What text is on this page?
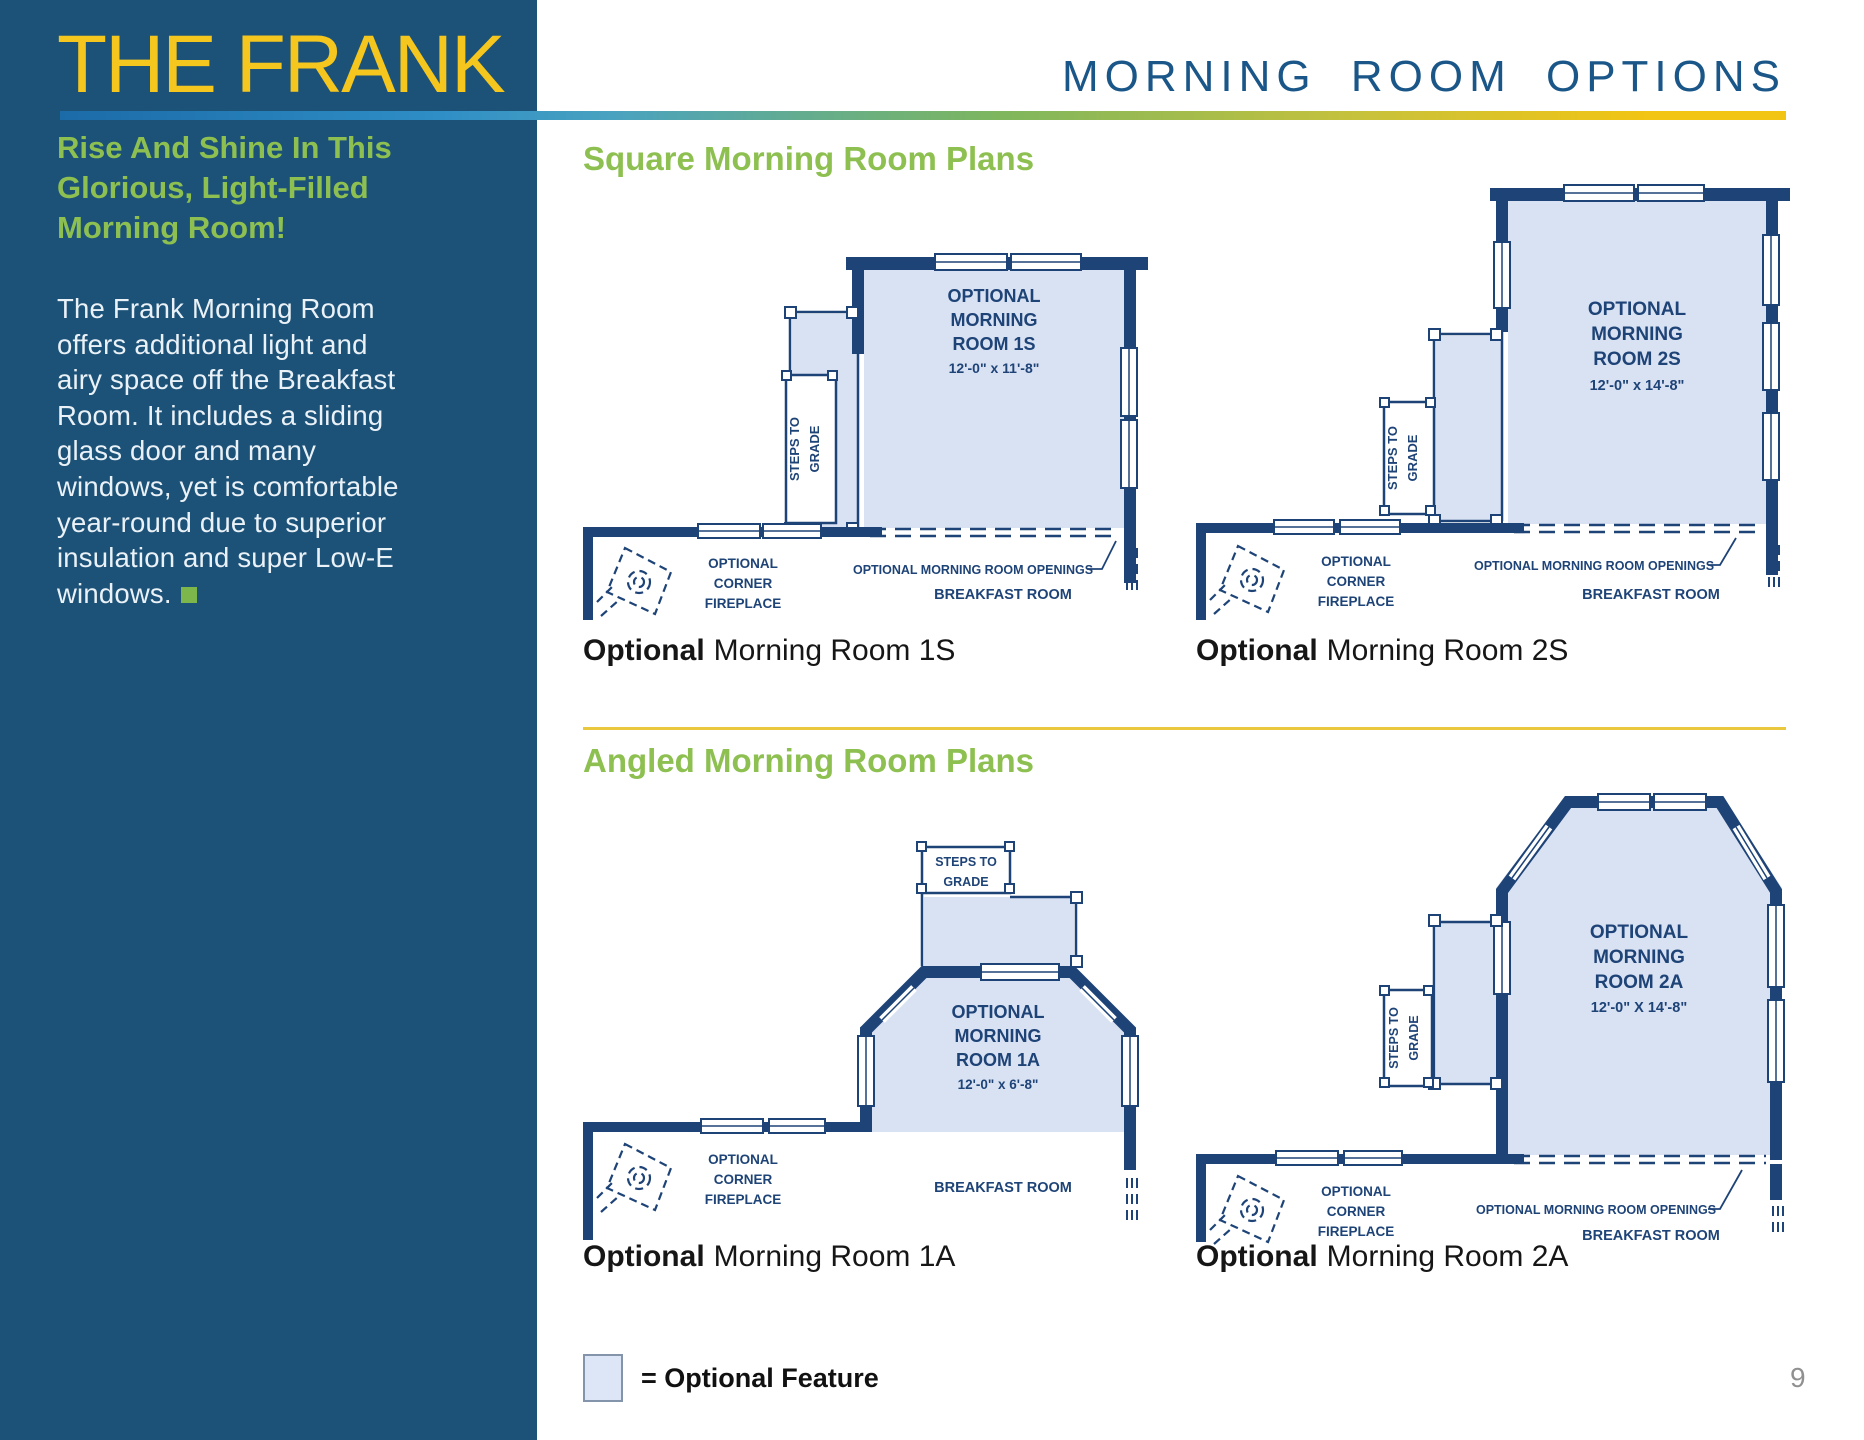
THE FRANK
Rise And Shine In This
Glorious, Light-Filled
Morning Room!
The Frank Morning Room
offers additional light and
airy space off the Breakfast
Room. It includes a sliding
glass door and many
windows, yet is comfortable
year-round due to superior
insulation and super Low-E
windows.
MORNING ROOM OPTIONS
Square Morning Room Plans
STEPS TO GRADE
OPTIONAL
CORNER
FIREPLACE
OPTIONAL MORNING ROOM OPENINGS
BREAKFAST ROOM
OPTIONAL
MORNING
ROOM 1S
12'-0" x 11'-8"
STEPS TO GRADE
OPTIONAL
CORNER
FIREPLACE
OPTIONAL MORNING ROOM OPENINGS
BREAKFAST ROOM
OPTIONAL
MORNING
ROOM 2S
12'-0" x 14'-8"
Optional Morning Room 1S	Optional Morning Room 2S
Angled Morning Room Plans
STEPS TO
GRADE
OPTIONAL
CORNER
FIREPLACE
BREAKFAST ROOM
OPTIONAL
MORNING
ROOM 1A
12'-0" x 6'-8"
STEPS TO GRADE
OPTIONAL
CORNER
FIREPLACE
OPTIONAL MORNING ROOM OPENINGS
BREAKFAST ROOM
OPTIONAL
MORNING
ROOM 2A
12'-0" X 14'-8"
Optional Morning Room 1A	Optional Morning Room 2A
= Optional Feature	9
